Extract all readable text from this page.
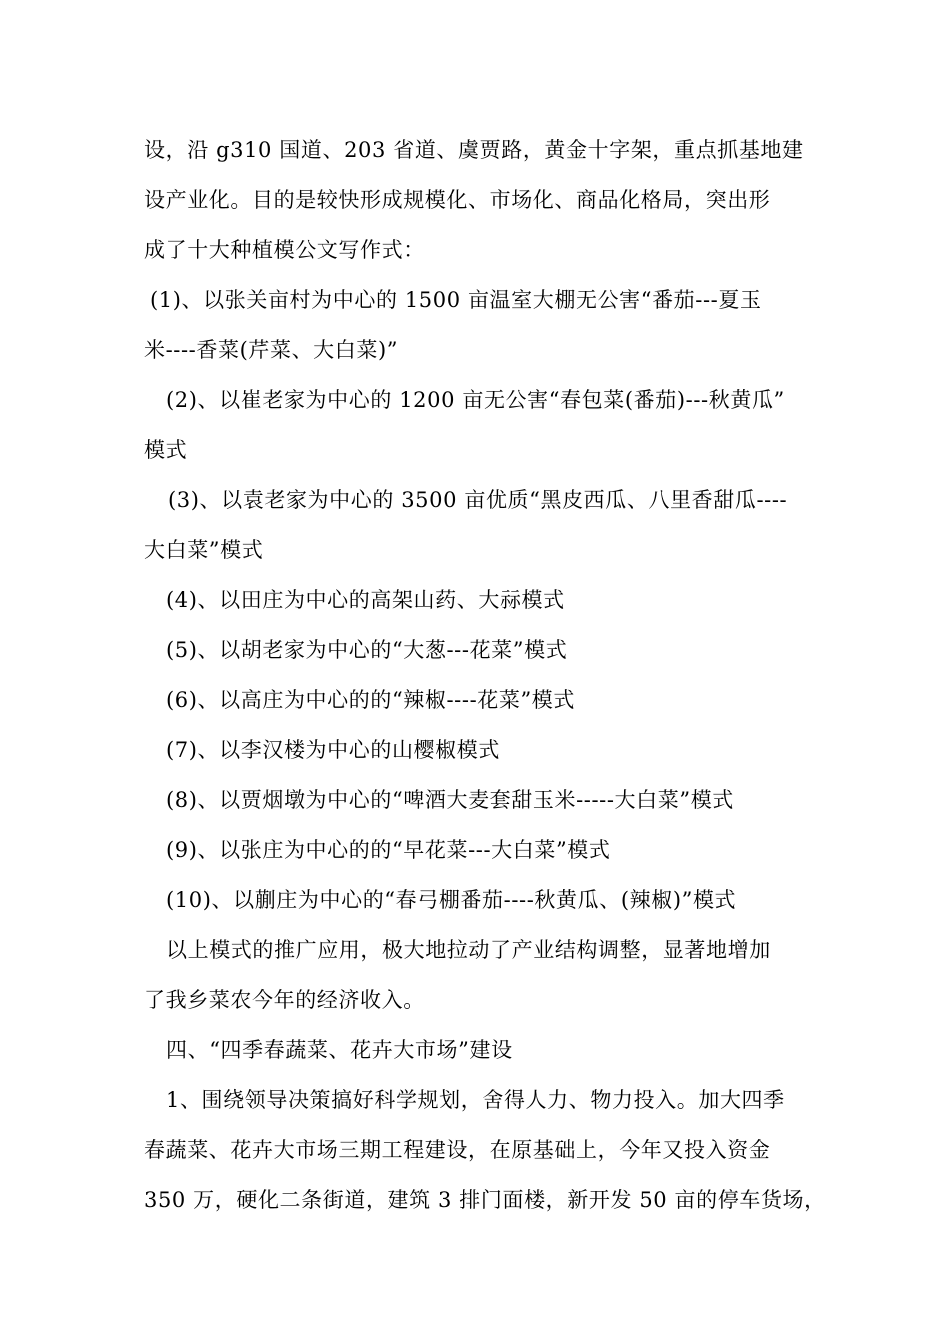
设，沿 g310 国道、203 省道、虞贾路，黄金十字架，重点抓基地建
设产业化。目的是较快形成规模化、市场化、商品化格局，突出形
成了十大种植模公文写作式：
(1)、以张关亩村为中心的 1500 亩温室大棚无公害“番茄---夏玉
米----香菜(芹菜、大白菜)”
(2)、以崔老家为中心的 1200 亩无公害“春包菜(番茄)---秋黄瓜”
模式
(3)、以袁老家为中心的 3500 亩优质“黑皮西瓜、八里香甜瓜----
大白菜”模式
(4)、以田庄为中心的高架山药、大祘模式
(5)、以胡老家为中心的“大葱---花菜”模式
(6)、以高庄为中心的的“辣椒----花菜”模式
(7)、以李汉楼为中心的山樱椒模式
(8)、以贾烟墩为中心的“啤酒大麦套甜玉米-----大白菜”模式
(9)、以张庄为中心的的“早花菜---大白菜”模式
(10)、以蒯庄为中心的“春弓棚番茄----秋黄瓜、(辣椒)”模式
以上模式的推广应用，极大地拉动了产业结构调整，显著地增加
了我乡菜农今年的经济收入。
四、“四季春蔬菜、花卉大市场”建设
1、围绕领导决策搞好科学规划，舍得人力、物力投入。加大四季
春蔬菜、花卉大市场三期工程建设，在原基础上，今年又投入资金
350 万，硬化二条街道，建筑 3 排门面楼，新开发 50 亩的停车货场，
